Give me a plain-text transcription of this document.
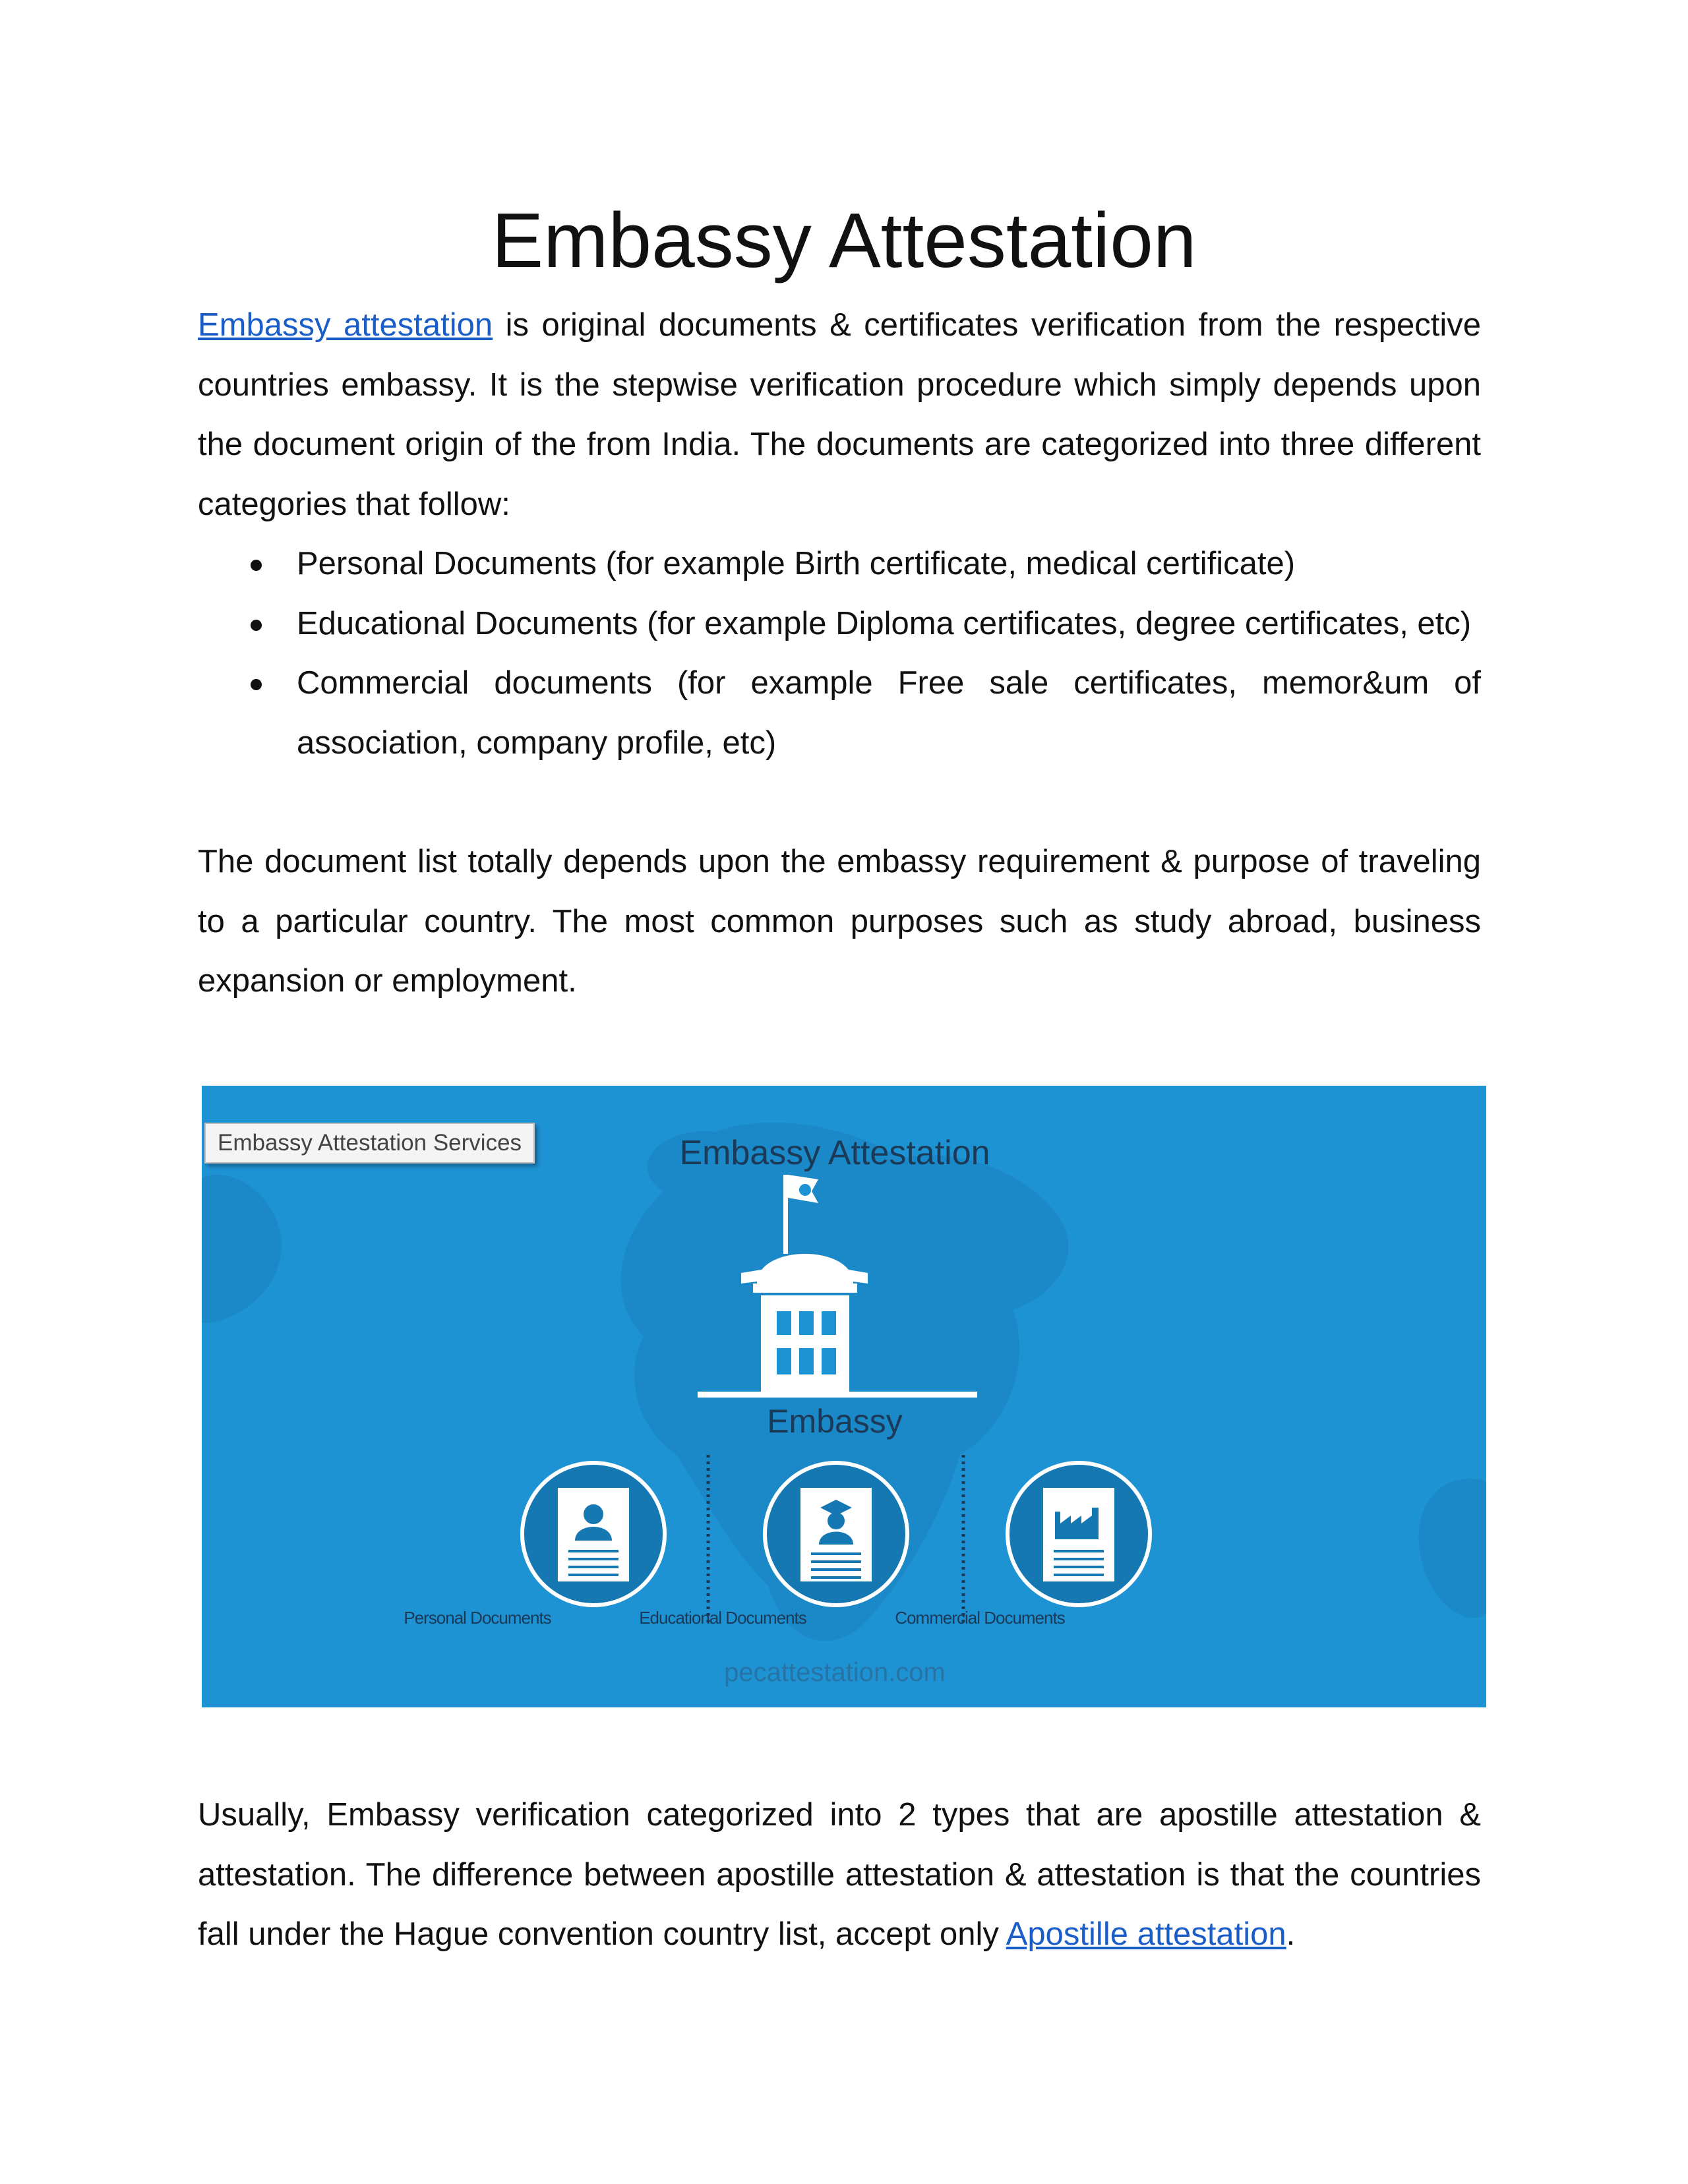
Embassy Attestation

Embassy attestation is original documents & certificates verification from the respective countries embassy. It is the stepwise verification procedure which simply depends upon the document origin of the from India. The documents are categorized into three different categories that follow:

Personal Documents (for example Birth certificate, medical certificate)
Educational Documents (for example Diploma certificates, degree certificates, etc)
Commercial documents (for example Free sale certificates, memor&um of association, company profile, etc)

The document list totally depends upon the embassy requirement & purpose of traveling to a particular country. The most common purposes such as study abroad, business expansion or employment.

Embassy Attestation Services	Embassy Attestation
Embassy
Personal Documents	Educational Documents	Commercial Documents
pecattestation.com

Usually, Embassy verification categorized into 2 types that are apostille attestation & attestation. The difference between apostille attestation & attestation is that the countries fall under the Hague convention country list, accept only Apostille attestation.
